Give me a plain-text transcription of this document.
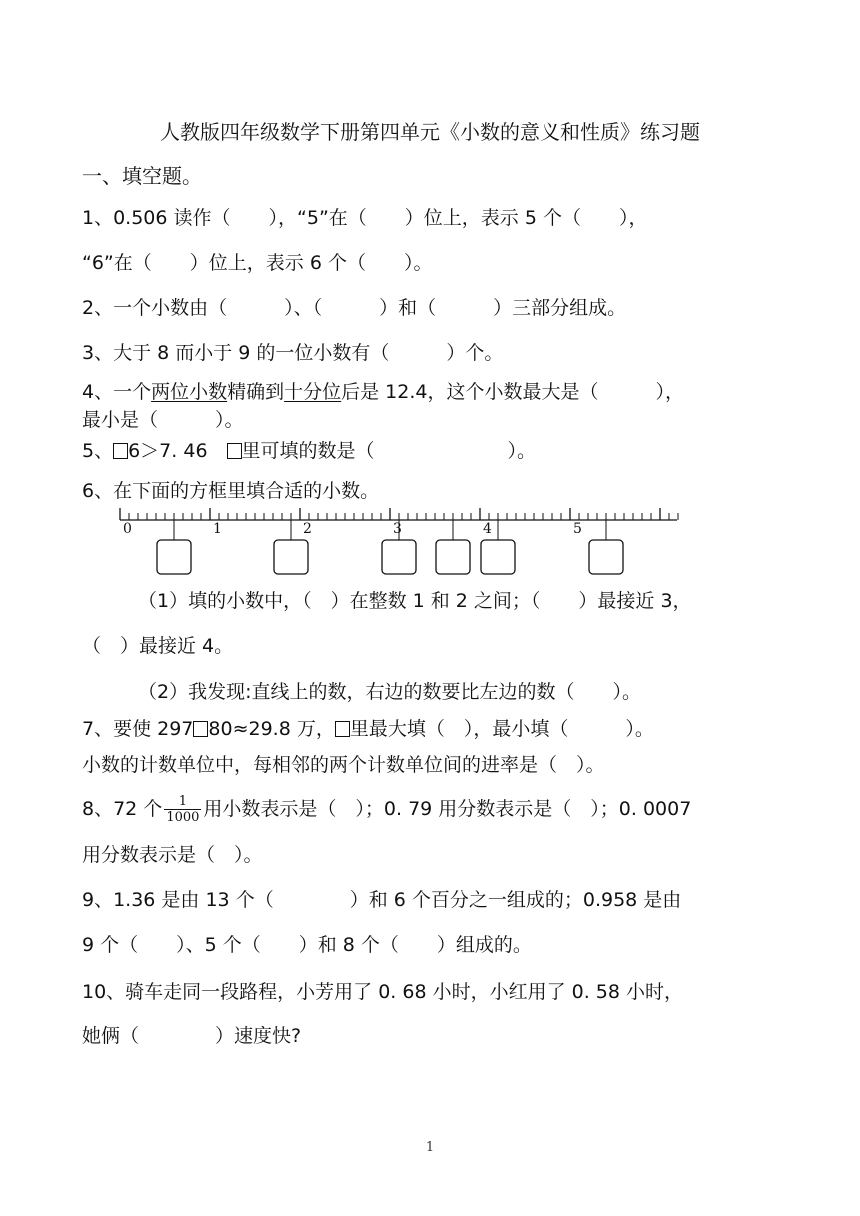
人教版四年级数学下册第四单元《小数的意义和性质》练习题
一、填空题。
1、0.506 读作（　　），“5”在（　　）位上，表示 5 个（　　），
“6”在（　　）位上，表示 6 个（　　）。
2、一个小数由（　　　）、（　　　）和（　　　）三部分组成。
3、大于 8 而小于 9 的一位小数有（　　　）个。
4、一个两位小数精确到十分位后是 12.4，这个小数最大是（　　　），
最小是（　　　）。
5、 6＞7. 46　里可填的数是（　　　　　　　）。
6、在下面的方框里填合适的小数。
0	1	2	3	4	5
（1）填的小数中，（　）在整数 1 和 2 之间；（　　）最接近 3，
（　）最接近 4。
（2）我发现:直线上的数，右边的数要比左边的数（　　）。
7、要使 297 80≈29.8 万， 里最大填（　），最小填（　　　）。
小数的计数单位中，每相邻的两个计数单位间的进率是（　）。
8、72 个 $\frac{1}{1000}$ 用小数表示是（　）；0. 79 用分数表示是（　）；0. 0007
用分数表示是（　）。
9、1.36 是由 13 个（　　　　）和 6 个百分之一组成的；0.958 是由
9 个（　　）、5 个（　　）和 8 个（　　）组成的。
10、骑车走同一段路程，小芳用了 0. 68 小时，小红用了 0. 58 小时，
她俩（　　　　）速度快?
1
